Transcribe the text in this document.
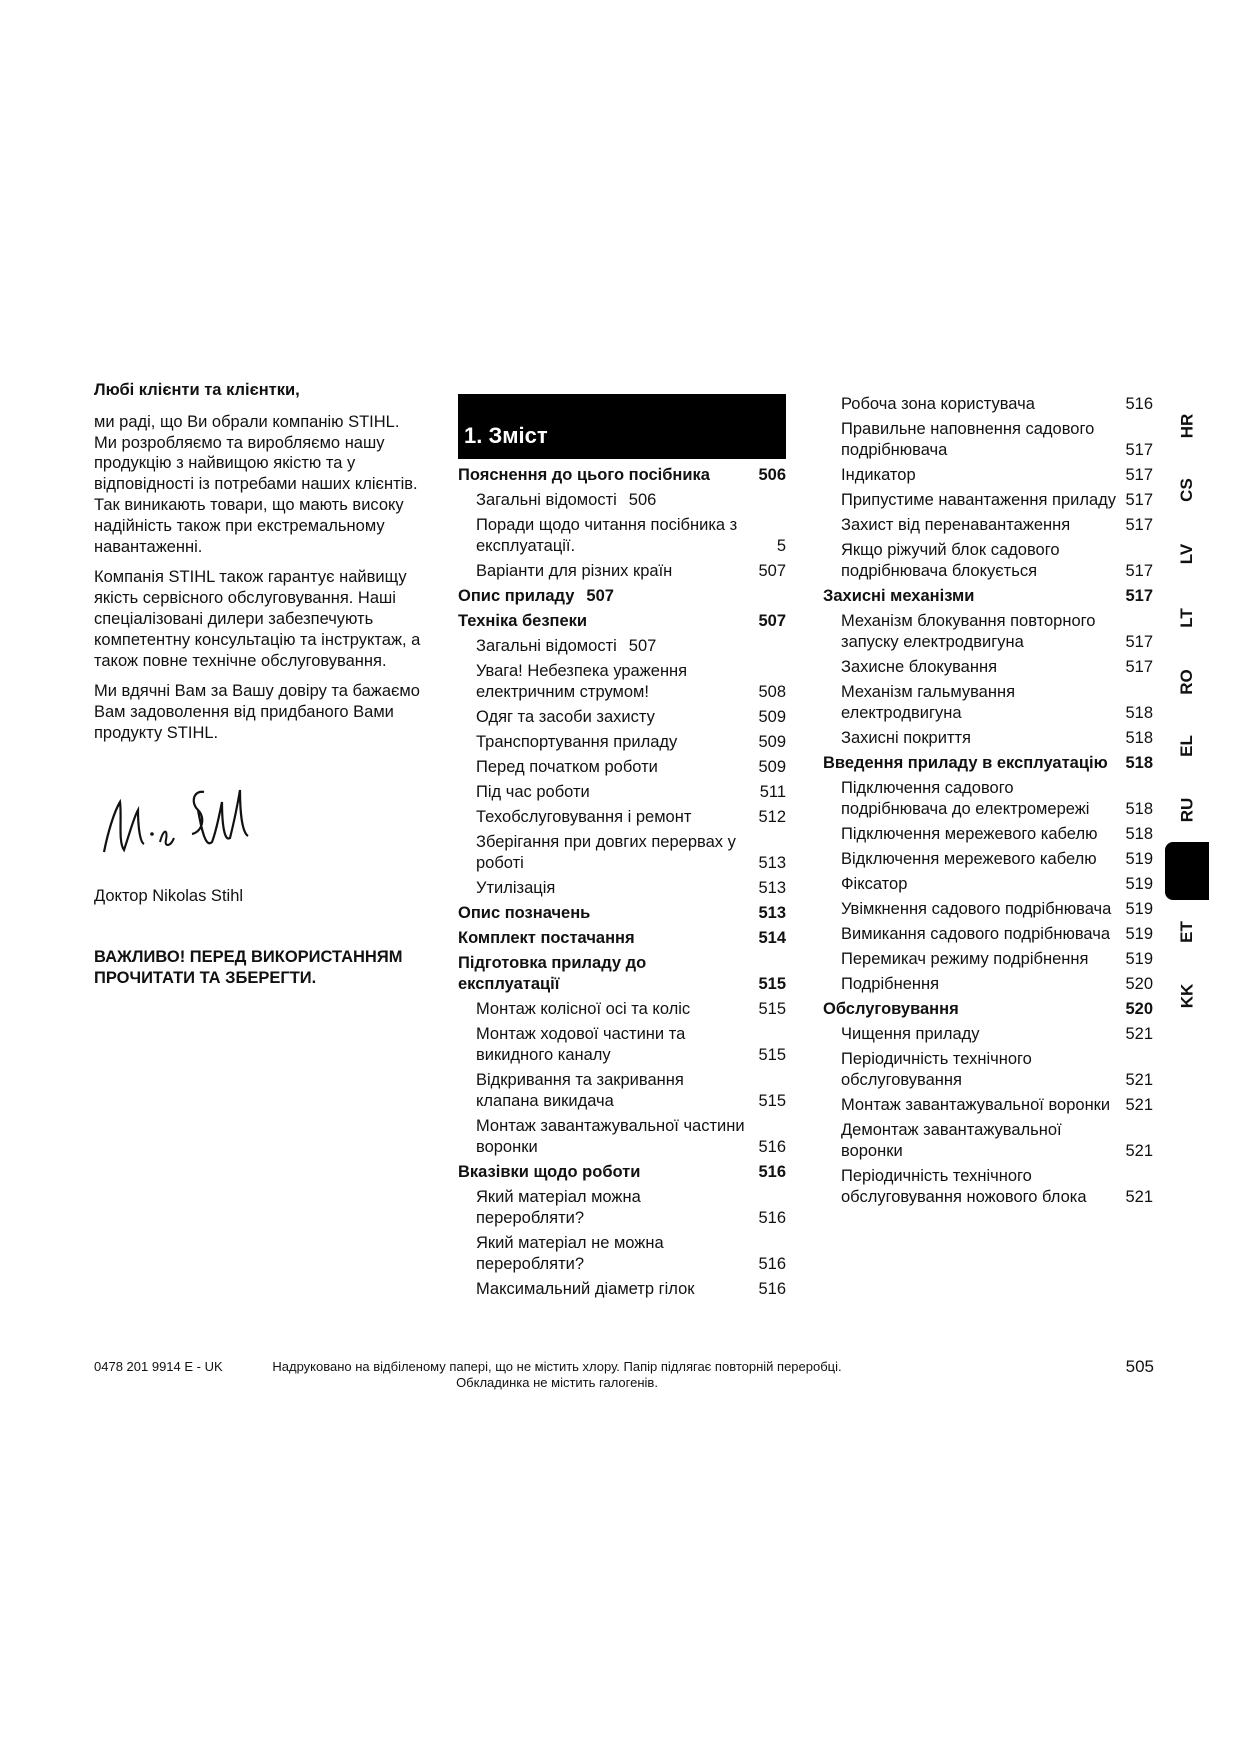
Любі клієнти та клієнтки,

ми раді, що Ви обрали компанію STIHL. Ми розробляємо та виробляємо нашу продукцію з найвищою якістю та у відповідності із потребами наших клієнтів. Так виникають товари, що мають високу надійність також при екстремальному навантаженні.

Компанія STIHL також гарантує найвищу якість сервісного обслуговування. Наші спеціалізовані дилери забезпечують компетентну консультацію та інструктаж, а також повне технічне обслуговування.

Ми вдячні Вам за Вашу довіру та бажаємо Вам задоволення від придбаного Вами продукту STIHL.

Доктор Nikolas Stihl

ВАЖЛИВО! ПЕРЕД ВИКОРИСТАННЯМ ПРОЧИТАТИ ТА ЗБЕРЕГТИ.

1. Зміст
Пояснення до цього посібника	506
Загальні відомості 506
Поради щодо читання посібника з експлуатації.	5
Варіанти для різних країн	507
Опис приладу 507
Техніка безпеки	507
Загальні відомості 507
Увага! Небезпека ураження електричним струмом!	508
Одяг та засоби захисту	509
Транспортування приладу	509
Перед початком роботи	509
Під час роботи	511
Техобслуговування і ремонт	512
Зберігання при довгих перервах у роботі	513
Утилізація	513
Опис позначень	513
Комплект постачання	514
Підготовка приладу до експлуатації	515
Монтаж колісної осі та коліс	515
Монтаж ходової частини та викидного каналу	515
Відкривання та закривання клапана викидача	515
Монтаж завантажувальної частини воронки	516
Вказівки щодо роботи	516
Який матеріал можна переробляти?	516
Який матеріал не можна переробляти?	516
Максимальний діаметр гілок	516
Робоча зона користувача	516
Правильне наповнення садового подрібнювача	517
Індикатор	517
Припустиме навантаження приладу 517
Захист від перенавантаження	517
Якщо ріжучий блок садового подрібнювача блокується	517
Захисні механізми	517
Механізм блокування повторного запуску електродвигуна	517
Захисне блокування	517
Механізм гальмування електродвигуна	518
Захисні покриття	518
Введення приладу в експлуатацію	518
Підключення садового подрібнювача до електромережі	518
Підключення мережевого кабелю	518
Відключення мережевого кабелю	519
Фіксатор	519
Увімкнення садового подрібнювача 519
Вимикання садового подрібнювача 519
Перемикач режиму подрібнення	519
Подрібнення	520
Обслуговування	520
Чищення приладу	521
Періодичність технічного обслуговування	521
Монтаж завантажувальної воронки 521
Демонтаж завантажувальної воронки	521
Періодичність технічного обслуговування ножового блока	521
HR
CS
LV
LT
RO
EL
RU
ET
KK
0478 201 9914 E - UK	Надруковано на відбіленому папері, що не містить хлору. Папір підлягає повторній переробці. Обкладинка не містить галогенів.
505
